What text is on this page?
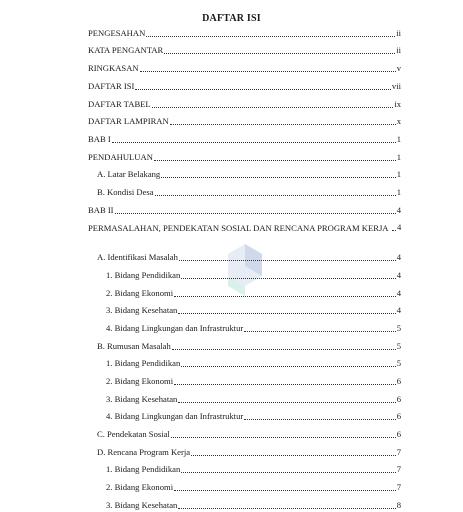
DAFTAR ISI
PENGESAHAN	ii
KATA PENGANTAR	ii
RINGKASAN	v
DAFTAR ISI	vii
DAFTAR TABEL	ix
DAFTAR LAMPIRAN	x
BAB I	1
PENDAHULUAN	1
A. Latar Belakang	1
B. Kondisi Desa	1
BAB II	4
PERMASALAHAN, PENDEKATAN SOSIAL DAN RENCANA PROGRAM KERJA 4
A. Identifikasi Masalah	4
1. Bidang Pendidikan	4
2. Bidang Ekonomi	4
3. Bidang Kesehatan	4
4. Bidang Lingkungan dan Infrastruktur	5
B. Rumusan Masalah	5
1. Bidang Pendidikan	5
2. Bidang Ekonomi	6
3. Bidang Kesehatan	6
4. Bidang Lingkungan dan Infrastruktur	6
C. Pendekatan Sosial	6
D. Rencana Program Kerja	7
1. Bidang Pendidikan	7
2. Bidang Ekonomi	7
3. Bidang Kesehatan	8
